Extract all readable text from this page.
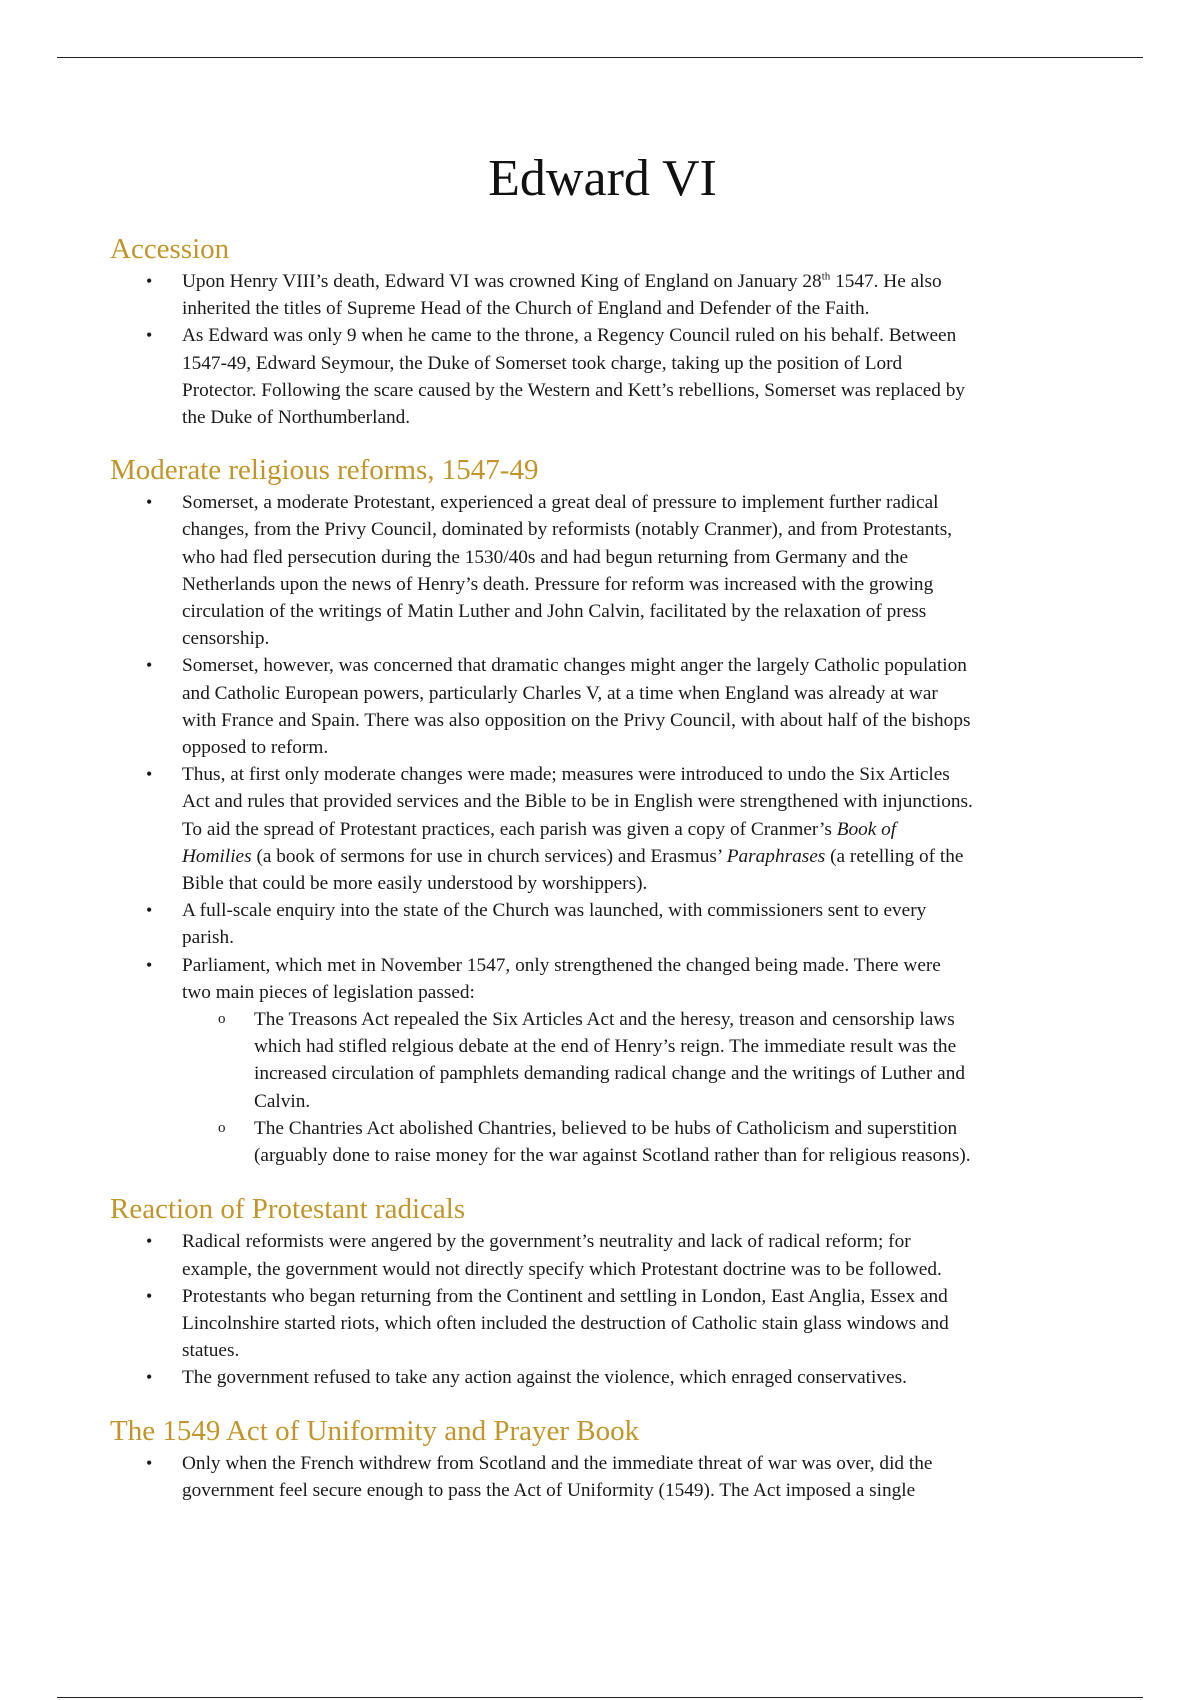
Edward VI
Accession
• Upon Henry VIII’s death, Edward VI was crowned King of England on January 28th 1547. He also
inherited the titles of Supreme Head of the Church of England and Defender of the Faith.
• As Edward was only 9 when he came to the throne, a Regency Council ruled on his behalf. Between
1547-49, Edward Seymour, the Duke of Somerset took charge, taking up the position of Lord
Protector. Following the scare caused by the Western and Kett’s rebellions, Somerset was replaced by
the Duke of Northumberland.
Moderate religious reforms, 1547-49
• Somerset, a moderate Protestant, experienced a great deal of pressure to implement further radical
changes, from the Privy Council, dominated by reformists (notably Cranmer), and from Protestants,
who had fled persecution during the 1530/40s and had begun returning from Germany and the
Netherlands upon the news of Henry’s death. Pressure for reform was increased with the growing
circulation of the writings of Matin Luther and John Calvin, facilitated by the relaxation of press
censorship.
• Somerset, however, was concerned that dramatic changes might anger the largely Catholic population
and Catholic European powers, particularly Charles V, at a time when England was already at war
with France and Spain. There was also opposition on the Privy Council, with about half of the bishops
opposed to reform.
• Thus, at first only moderate changes were made; measures were introduced to undo the Six Articles
Act and rules that provided services and the Bible to be in English were strengthened with injunctions.
To aid the spread of Protestant practices, each parish was given a copy of Cranmer’s Book of
Homilies (a book of sermons for use in church services) and Erasmus’ Paraphrases (a retelling of the
Bible that could be more easily understood by worshippers).
• A full-scale enquiry into the state of the Church was launched, with commissioners sent to every
parish.
• Parliament, which met in November 1547, only strengthened the changed being made. There were
two main pieces of legislation passed:
o The Treasons Act repealed the Six Articles Act and the heresy, treason and censorship laws
which had stifled relgious debate at the end of Henry’s reign. The immediate result was the
increased circulation of pamphlets demanding radical change and the writings of Luther and
Calvin.
o The Chantries Act abolished Chantries, believed to be hubs of Catholicism and superstition
(arguably done to raise money for the war against Scotland rather than for religious reasons).
Reaction of Protestant radicals
• Radical reformists were angered by the government’s neutrality and lack of radical reform; for
example, the government would not directly specify which Protestant doctrine was to be followed.
• Protestants who began returning from the Continent and settling in London, East Anglia, Essex and
Lincolnshire started riots, which often included the destruction of Catholic stain glass windows and
statues.
• The government refused to take any action against the violence, which enraged conservatives.
The 1549 Act of Uniformity and Prayer Book
• Only when the French withdrew from Scotland and the immediate threat of war was over, did the
government feel secure enough to pass the Act of Uniformity (1549). The Act imposed a single
